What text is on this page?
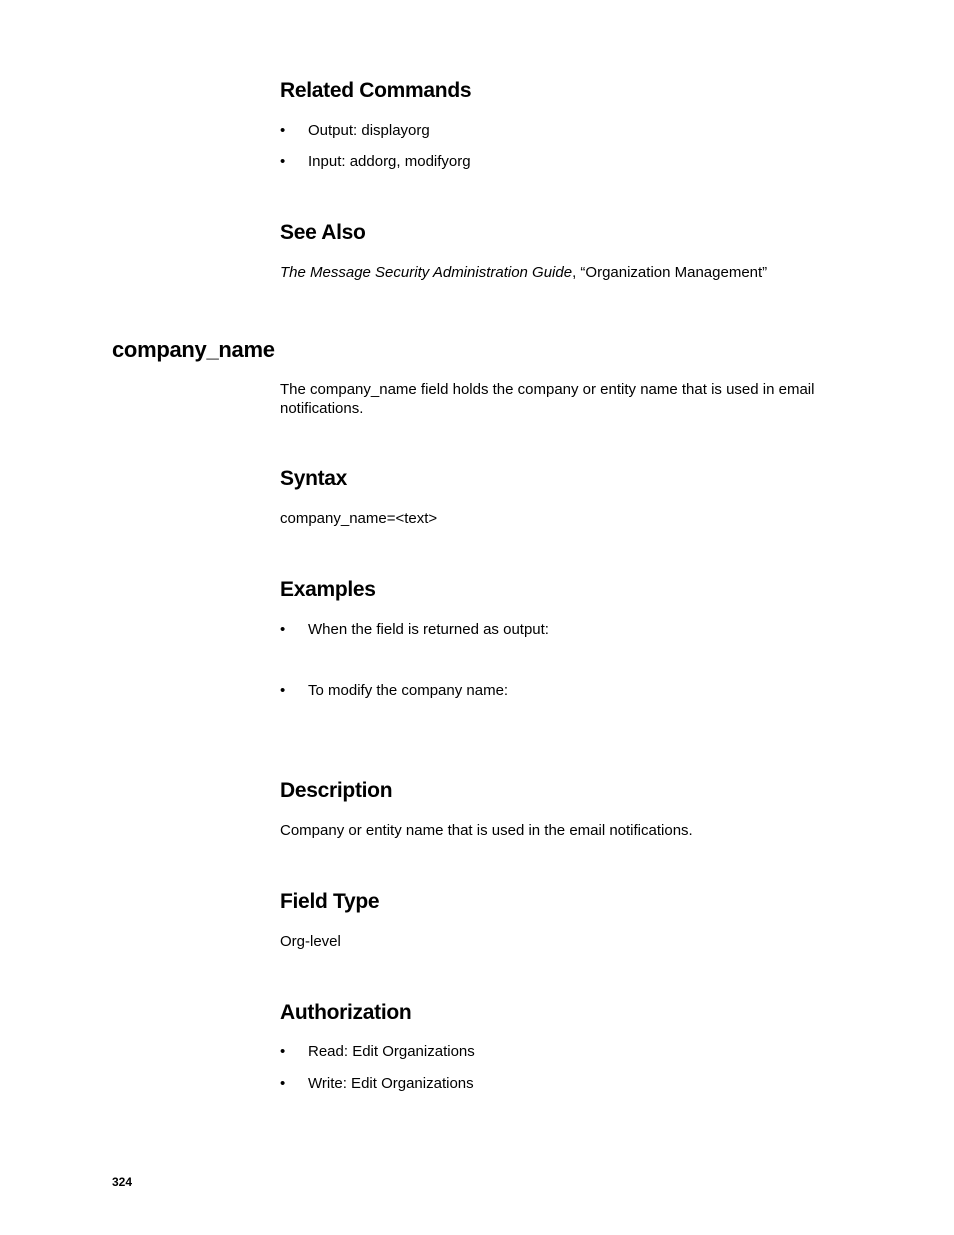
Related Commands
• Output: displayorg
• Input: addorg, modifyorg
See Also

The Message Security Administration Guide, “Organization Management”

company_name

The company_name field holds the company or entity name that is used in email notifications.

Syntax

company_name=<text>

Examples
• When the field is returned as output:
• To modify the company name:
Description

Company or entity name that is used in the email notifications.

Field Type

Org-level

Authorization
• Read: Edit Organizations
• Write: Edit Organizations
324
